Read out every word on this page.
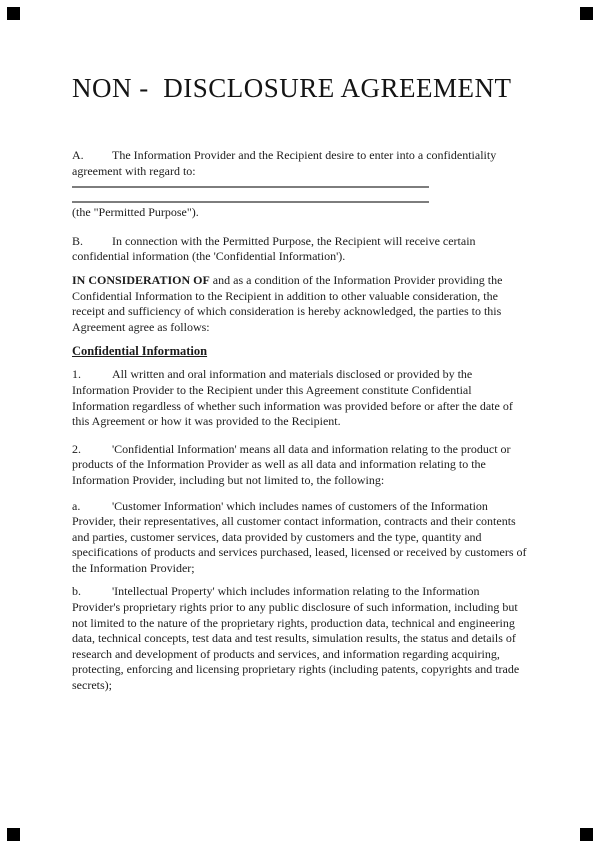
NON -  DISCLOSURE AGREEMENT

A. The Information Provider and the Recipient desire to enter into a confidentiality agreement with regard to:

(the "Permitted Purpose").

B. In connection with the Permitted Purpose, the Recipient will receive certain confidential information (the 'Confidential Information').

IN CONSIDERATION OF and as a condition of the Information Provider providing the Confidential Information to the Recipient in addition to other valuable consideration, the receipt and sufficiency of which consideration is hereby acknowledged, the parties to this Agreement agree as follows:

Confidential Information

1.	All written and oral information and materials disclosed or provided by the Information Provider to the Recipient under this Agreement constitute Confidential Information regardless of whether such information was provided before or after the date of this Agreement or how it was provided to the Recipient.

2.	'Confidential Information' means all data and information relating to the product or products of the Information Provider as well as all data and information relating to the Information Provider, including but not limited to, the following:

a.	'Customer Information' which includes names of customers of the Information Provider, their representatives, all customer contact information, contracts and their contents and parties, customer services, data provided by customers and the type, quantity and specifications of products and services purchased, leased, licensed or received by customers of the Information Provider;

b.	'Intellectual Property' which includes information relating to the Information Provider's proprietary rights prior to any public disclosure of such information, including but not limited to the nature of the proprietary rights, production data, technical and engineering data, technical concepts, test data and test results, simulation results, the status and details of research and development of products and services, and information regarding acquiring, protecting, enforcing and licensing proprietary rights (including patents, copyrights and trade secrets);
